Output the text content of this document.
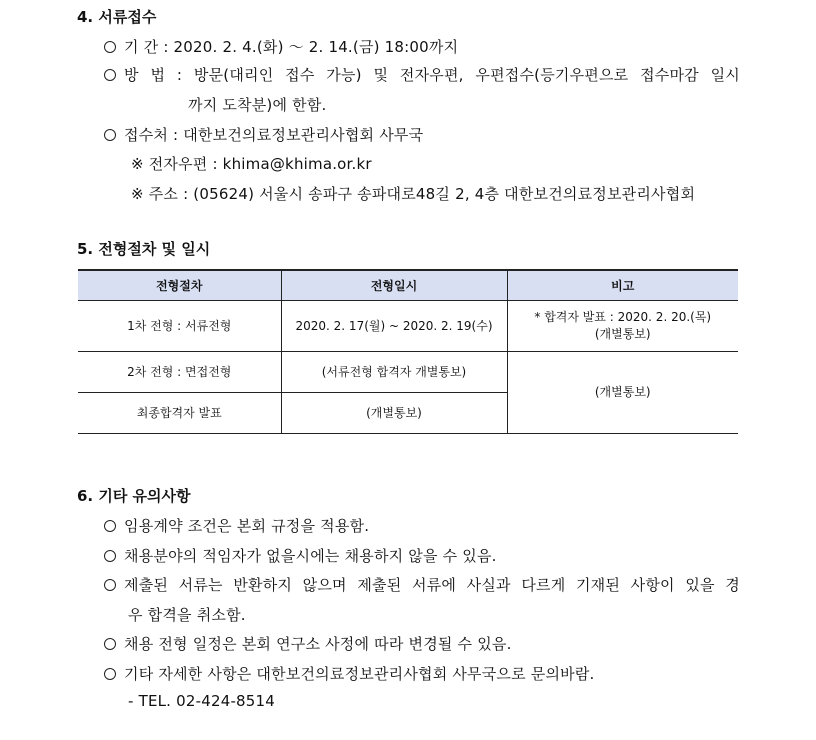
4. 서류접수
기 간 : 2020. 2. 4.(화) ～ 2. 14.(금) 18:00까지
방 법 : 방문(대리인 접수 가능) 및 전자우편, 우편접수(등기우편으로 접수마감 일시
까지 도착분)에 한함.
접수처 : 대한보건의료정보관리사협회 사무국
※ 전자우편 : khima@khima.or.kr
※ 주소 : (05624) 서울시 송파구 송파대로48길 2, 4층 대한보건의료정보관리사협회
5. 전형절차 및 일시
전형절차	전형일시	비고
1차 전형 : 서류전형	2020. 2. 17(월) ~ 2020. 2. 19(수)	* 합격자 발표 : 2020. 2. 20.(목)
(개별통보)

2차 전형 : 면접전형	(서류전형 합격자 개별통보)	(개별통보)
최종합격자 발표	(개별통보)	
6. 기타 유의사항
임용계약 조건은 본회 규정을 적용함.
채용분야의 적임자가 없을시에는 채용하지 않을 수 있음.
제출된 서류는 반환하지 않으며 제출된 서류에 사실과 다르게 기재된 사항이 있을 경
우 합격을 취소함.
채용 전형 일정은 본회 연구소 사정에 따라 변경될 수 있음.
기타 자세한 사항은 대한보건의료정보관리사협회 사무국으로 문의바람.
- TEL. 02-424-8514
